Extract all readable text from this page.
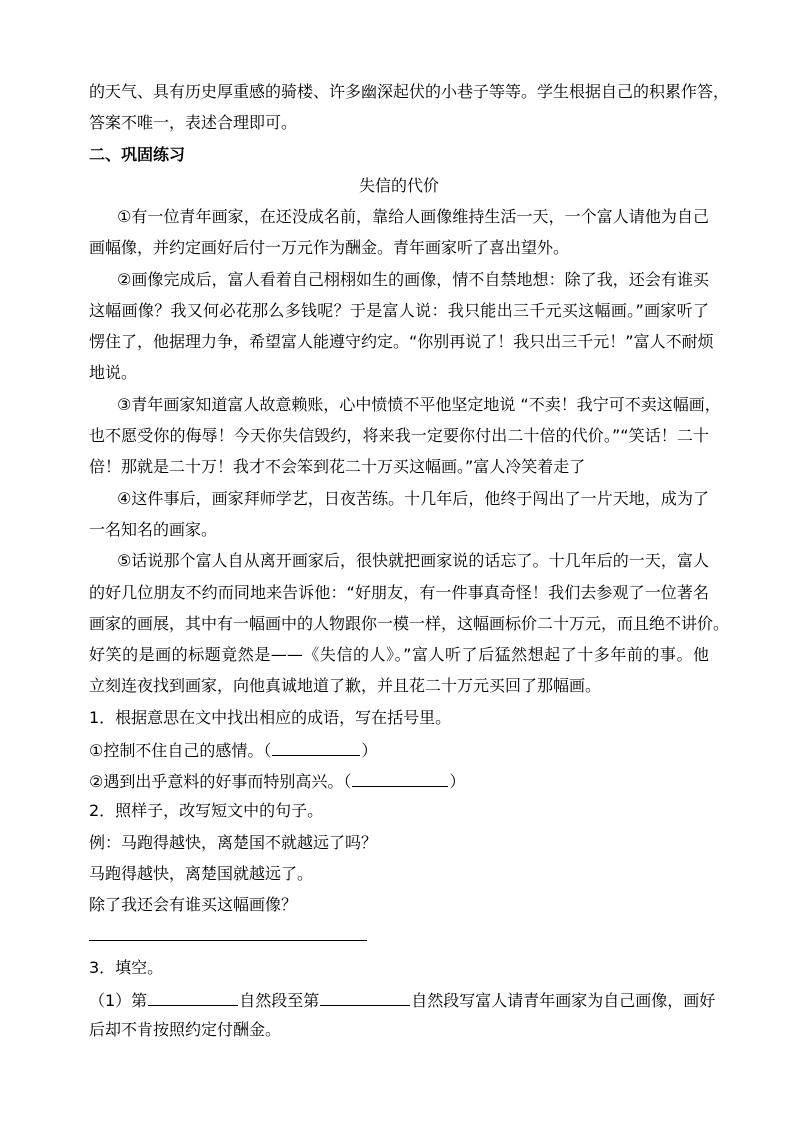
的天气、具有历史厚重感的骑楼、许多幽深起伏的小巷子等等。学生根据自己的积累作答，
答案不唯一，表述合理即可。
二、巩固练习
失信的代价
①有一位青年画家，在还没成名前，靠给人画像维持生活一天，一个富人请他为自己
画幅像，并约定画好后付一万元作为酬金。青年画家听了喜出望外。
②画像完成后，富人看着自己栩栩如生的画像，情不自禁地想：除了我，还会有谁买
这幅画像？我又何必花那么多钱呢？于是富人说：我只能出三千元买这幅画。”画家听了
愣住了，他据理力争，希望富人能遵守约定。“你别再说了！我只出三千元！”富人不耐烦
地说。
③青年画家知道富人故意赖账，心中愤愤不平他坚定地说 “不卖！我宁可不卖这幅画，
也不愿受你的侮辱！今天你失信毁约，将来我一定要你付出二十倍的代价。”“笑话！二十
倍！那就是二十万！我才不会笨到花二十万买这幅画。”富人冷笑着走了
④这件事后，画家拜师学艺，日夜苦练。十几年后，他终于闯出了一片天地，成为了
一名知名的画家。
⑤话说那个富人自从离开画家后，很快就把画家说的话忘了。十几年后的一天，富人
的好几位朋友不约而同地来告诉他：“好朋友，有一件事真奇怪！我们去参观了一位著名
画家的画展，其中有一幅画中的人物跟你一模一样，这幅画标价二十万元，而且绝不讲价。
好笑的是画的标题竟然是——《失信的人》。”富人听了后猛然想起了十多年前的事。他
立刻连夜找到画家，向他真诚地道了歉，并且花二十万元买回了那幅画。
1．根据意思在文中找出相应的成语，写在括号里。
①控制不住自己的感情。（	）
②遇到出乎意料的好事而特别高兴。（	）
2．照样子，改写短文中的句子。
例：马跑得越快，离楚国不就越远了吗？
马跑得越快，离楚国就越远了。
除了我还会有谁买这幅画像？
3．填空。
（1）第	自然段至第	自然段写富人请青年画家为自己画像，画好
后却不肯按照约定付酬金。
